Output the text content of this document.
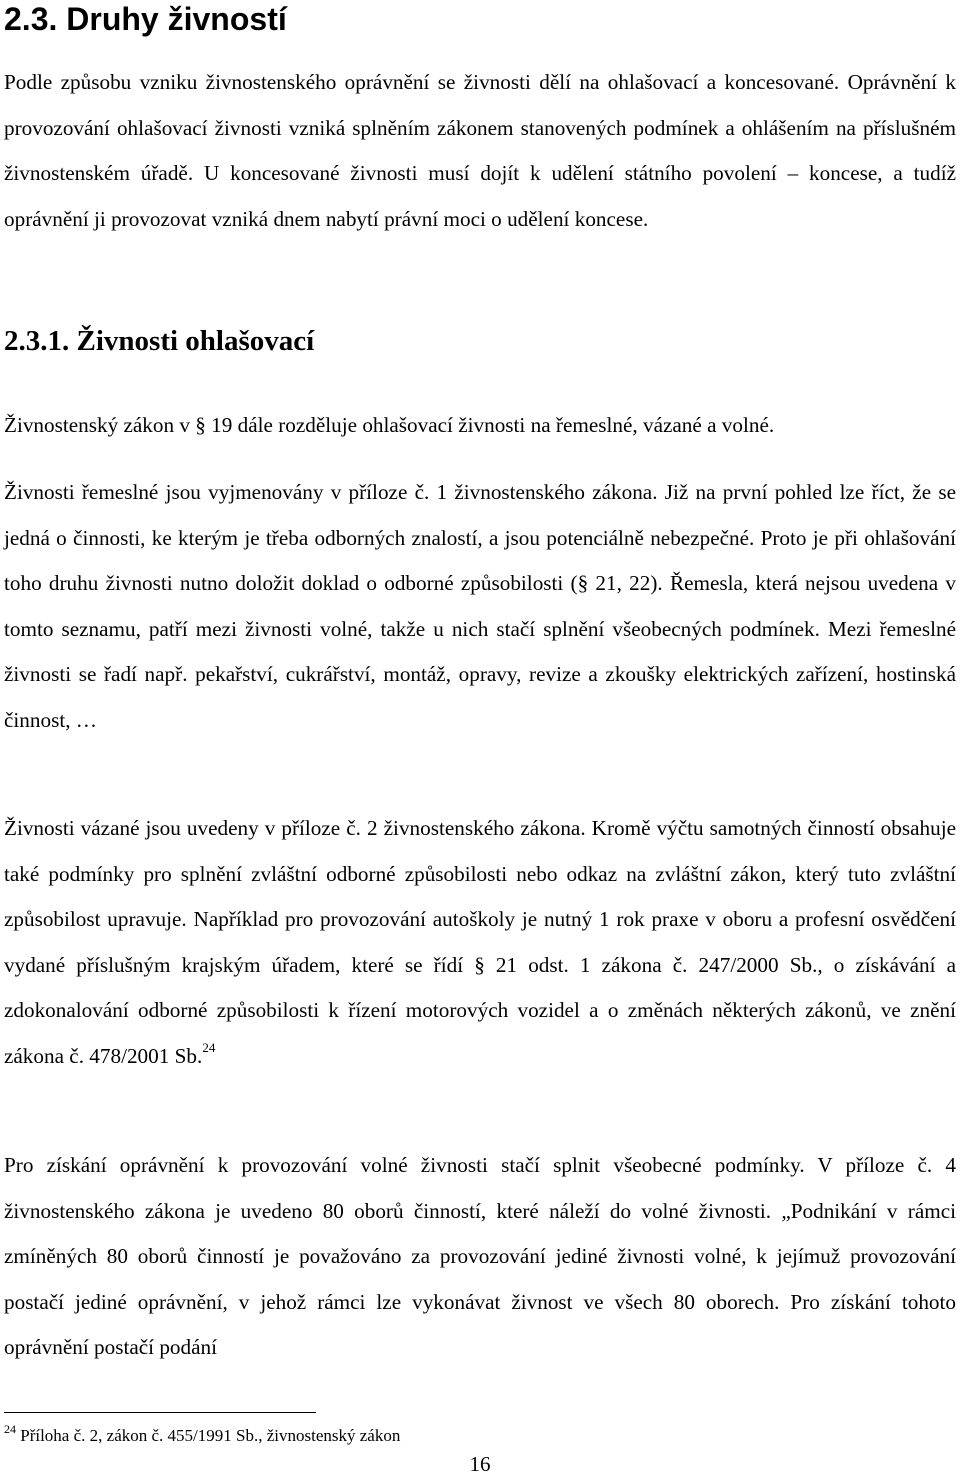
2.3. Druhy živností

Podle způsobu vzniku živnostenského oprávnění se živnosti dělí na ohlašovací a koncesované. Oprávnění k provozování ohlašovací živnosti vzniká splněním zákonem stanovených podmínek a ohlášením na příslušném živnostenském úřadě. U koncesované živnosti musí dojít k udělení státního povolení – koncese, a tudíž oprávnění ji provozovat vzniká dnem nabytí právní moci o udělení koncese.

2.3.1. Živnosti ohlašovací

Živnostenský zákon v § 19 dále rozděluje ohlašovací živnosti na řemeslné, vázané a volné.

Živnosti řemeslné jsou vyjmenovány v příloze č. 1 živnostenského zákona. Již na první pohled lze říct, že se jedná o činnosti, ke kterým je třeba odborných znalostí, a jsou potenciálně nebezpečné. Proto je při ohlašování toho druhu živnosti nutno doložit doklad o odborné způsobilosti (§ 21, 22). Řemesla, která nejsou uvedena v tomto seznamu, patří mezi živnosti volné, takže u nich stačí splnění všeobecných podmínek. Mezi řemeslné živnosti se řadí např. pekařství, cukrářství, montáž, opravy, revize a zkoušky elektrických zařízení, hostinská činnost, …

Živnosti vázané jsou uvedeny v příloze č. 2 živnostenského zákona. Kromě výčtu samotných činností obsahuje také podmínky pro splnění zvláštní odborné způsobilosti nebo odkaz na zvláštní zákon, který tuto zvláštní způsobilost upravuje. Například pro provozování autoškoly je nutný 1 rok praxe v oboru a profesní osvědčení vydané příslušným krajským úřadem, které se řídí § 21 odst. 1 zákona č. 247/2000 Sb., o získávání a zdokonalování odborné způsobilosti k řízení motorových vozidel a o změnách některých zákonů, ve znění zákona č. 478/2001 Sb.$^{24}$

Pro získání oprávnění k provozování volné živnosti stačí splnit všeobecné podmínky. V příloze č. 4 živnostenského zákona je uvedeno 80 oborů činností, které náleží do volné živnosti. „Podnikání v rámci zmíněných 80 oborů činností je považováno za provozování jediné živnosti volné, k jejímuž provozování postačí jediné oprávnění, v jehož rámci lze vykonávat živnost ve všech 80 oborech. Pro získání tohoto oprávnění postačí podání

$^{24}$ Příloha č. 2, zákon č. 455/1991 Sb., živnostenský zákon
16
